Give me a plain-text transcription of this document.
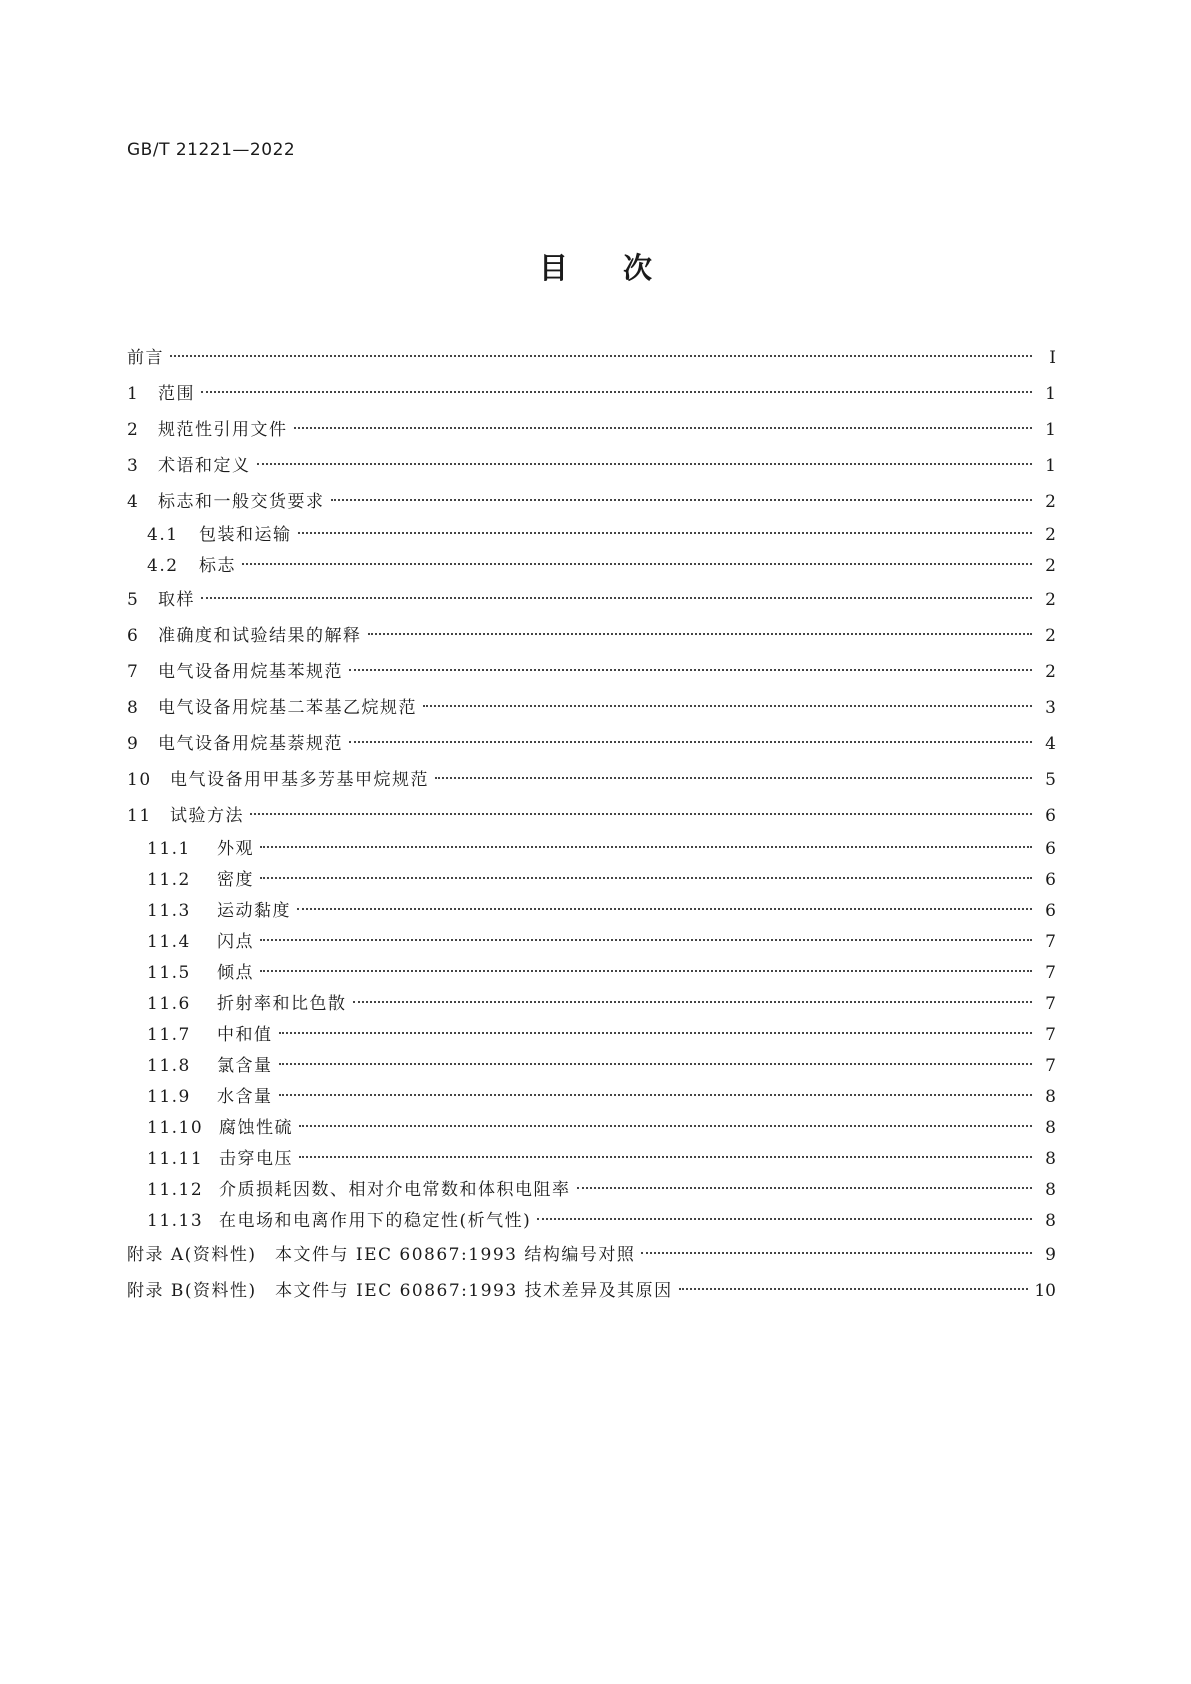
GB/T 21221—2022
目次
前言	Ⅰ
1	范围	1
2	规范性引用文件	1
3	术语和定义	1
4	标志和一般交货要求	2
4.1	包装和运输	2
4.2	标志	2
5	取样	2
6	准确度和试验结果的解释	2
7	电气设备用烷基苯规范	2
8	电气设备用烷基二苯基乙烷规范	3
9	电气设备用烷基萘规范	4
10	电气设备用甲基多芳基甲烷规范	5
11	试验方法	6
11.1	外观	6
11.2	密度	6
11.3	运动黏度	6
11.4	闪点	7
11.5	倾点	7
11.6	折射率和比色散	7
11.7	中和值	7
11.8	氯含量	7
11.9	水含量	8
11.10 腐蚀性硫	8
11.11 击穿电压	8
11.12 介质损耗因数、相对介电常数和体积电阻率	8
11.13 在电场和电离作用下的稳定性(析气性)	8
附录 A(资料性)　本文件与 IEC 60867:1993 结构编号对照	9
附录 B(资料性)　本文件与 IEC 60867:1993 技术差异及其原因	10
